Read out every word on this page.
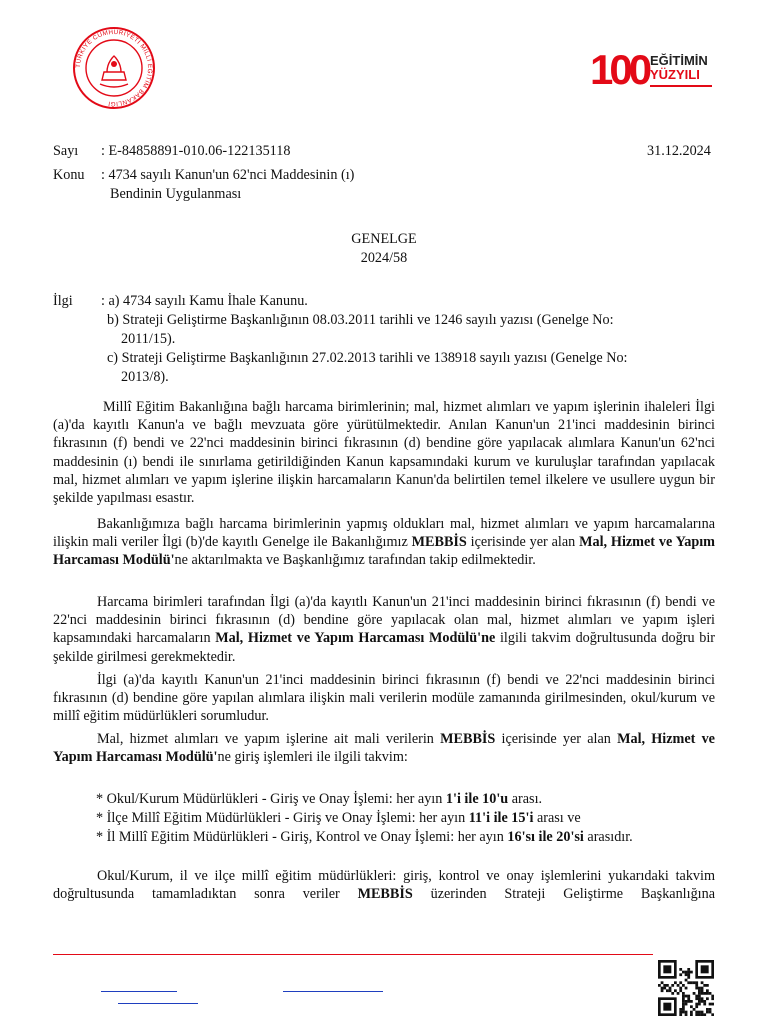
TÜRKİYE CUMHURİYETİ MİLLÎ EĞİTİM BAKANLIĞI
100 EĞİTİMİN
YÜZYILI
Sayı : E-84858891-010.06-122135118	31.12.2024
Konu : 4734 sayılı Kanun'un 62'nci Maddesinin (ı)
Bendinin Uygulanması
GENELGE
2024/58
İlgi : a) 4734 sayılı Kamu İhale Kanunu.
b) Strateji Geliştirme Başkanlığının 08.03.2011 tarihli ve 1246 sayılı yazısı (Genelge No:
2011/15).
c) Strateji Geliştirme Başkanlığının 27.02.2013 tarihli ve 138918 sayılı yazısı (Genelge No:
2013/8).
Millî Eğitim Bakanlığına bağlı harcama birimlerinin; mal, hizmet alımları ve yapım işlerinin ihaleleri İlgi (a)'da kayıtlı Kanun'a ve bağlı mevzuata göre yürütülmektedir. Anılan Kanun'un 21'inci maddesinin birinci fıkrasının (f) bendi ve 22'nci maddesinin birinci fıkrasının (d) bendine göre yapılacak alımlara Kanun'un 62'nci maddesinin (ı) bendi ile sınırlama getirildiğinden Kanun kapsamındaki kurum ve kuruluşlar tarafından yapılacak mal, hizmet alımları ve yapım işlerine ilişkin harcamaların Kanun'da belirtilen temel ilkelere ve usullere uygun bir şekilde yapılması esastır.
Bakanlığımıza bağlı harcama birimlerinin yapmış oldukları mal, hizmet alımları ve yapım harcamalarına ilişkin mali veriler İlgi (b)'de kayıtlı Genelge ile Bakanlığımız MEBBİS içerisinde yer alan Mal, Hizmet ve Yapım Harcaması Modülü'ne aktarılmakta ve Başkanlığımız tarafından takip edilmektedir.
Harcama birimleri tarafından İlgi (a)'da kayıtlı Kanun'un 21'inci maddesinin birinci fıkrasının (f) bendi ve 22'nci maddesinin birinci fıkrasının (d) bendine göre yapılacak olan mal, hizmet alımları ve yapım işleri kapsamındaki harcamaların Mal, Hizmet ve Yapım Harcaması Modülü'ne ilgili takvim doğrultusunda doğru bir şekilde girilmesi gerekmektedir.
İlgi (a)'da kayıtlı Kanun'un 21'inci maddesinin birinci fıkrasının (f) bendi ve 22'nci maddesinin birinci fıkrasının (d) bendine göre yapılan alımlara ilişkin mali verilerin modüle zamanında girilmesinden, okul/kurum ve millî eğitim müdürlükleri sorumludur.
Mal, hizmet alımları ve yapım işlerine ait mali verilerin MEBBİS içerisinde yer alan Mal, Hizmet ve Yapım Harcaması Modülü'ne giriş işlemleri ile ilgili takvim:
* Okul/Kurum Müdürlükleri - Giriş ve Onay İşlemi: her ayın 1'i ile 10'u arası.
* İlçe Millî Eğitim Müdürlükleri - Giriş ve Onay İşlemi: her ayın 11'i ile 15'i arası ve
* İl Millî Eğitim Müdürlükleri - Giriş, Kontrol ve Onay İşlemi: her ayın 16'sı ile 20'si arasıdır.
Okul/Kurum, il ve ilçe millî eğitim müdürlükleri: giriş, kontrol ve onay işlemlerini yukarıdaki takvim doğrultusunda tamamladıktan sonra veriler MEBBİS üzerinden Strateji Geliştirme Başkanlığına
